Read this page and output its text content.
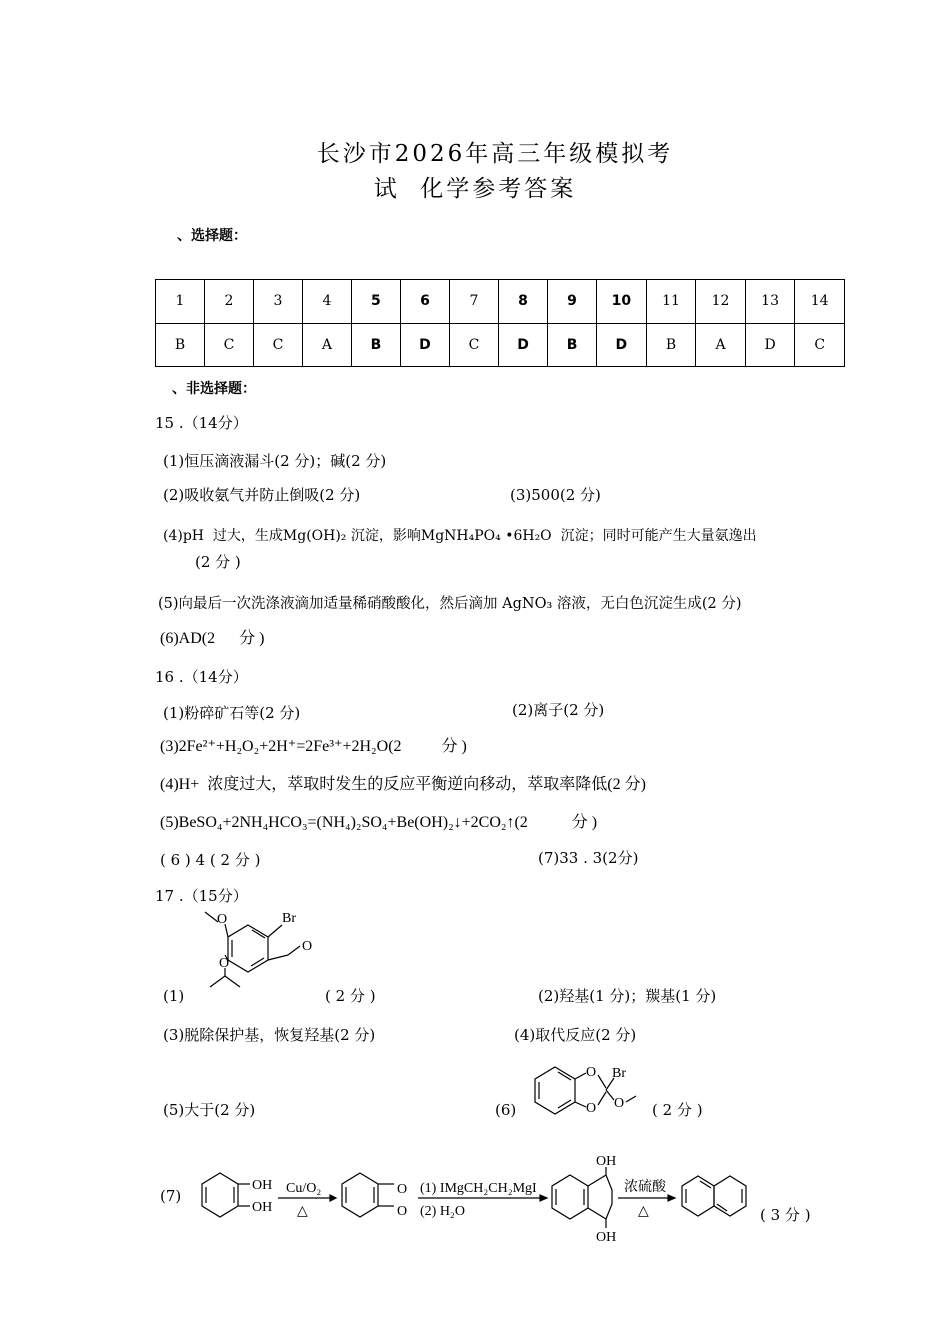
长沙市2026年高三年级模拟考
试  化学参考答案
、选择题：
1	2	3	4	5	6	7	8	9	10	11	12	13	14
B	C	C	A	B	D	C	D	B	D	B	A	D	C
、非选择题：
15 .（14分）
(1)恒压滴液漏斗(2 分)；碱(2 分)
(2)吸收氨气并防止倒吸(2 分)	(3)500(2 分)
(4)pH  过大，生成Mg(OH)₂ 沉淀，影响MgNH₄PO₄ •6H₂O  沉淀；同时可能产生大量氨逸出
(2 分 )
(5)向最后一次洗涤液滴加适量稀硝酸酸化，然后滴加 AgNO₃ 溶液，无白色沉淀生成(2 分)
(6)AD(2      分 )
16 .（14分）
(1)粉碎矿石等(2 分)	(2)离子(2 分)
(3)2Fe²⁺+H₂O₂+2H⁺=2Fe³⁺+2H₂O(2          分 )
(4)H+  浓度过大，萃取时发生的反应平衡逆向移动，萃取率降低(2 分)
(5)BeSO₄+2NH₄HCO₃=(NH₄)₂SO₄+Be(OH)₂↓+2CO₂↑(2           分 )
( 6 ) 4 ( 2 分 )	(7)33 . 3(2分)
17 .（15分）
(1)	( 2 分 )	(2)羟基(1 分)；羰基(1 分)
(3)脱除保护基，恢复羟基(2 分)	(4)取代反应(2 分)
(5)大于(2 分)	(6)	( 2 分 )
(7)
( 3 分 )
Br
O
O
O
O
O
Br
O
OH
OH
Cu/O₂
△
O
O
(1) IMgCH₂CH₂MgI
(2) H₂O
OH
OH
浓硫酸
△
